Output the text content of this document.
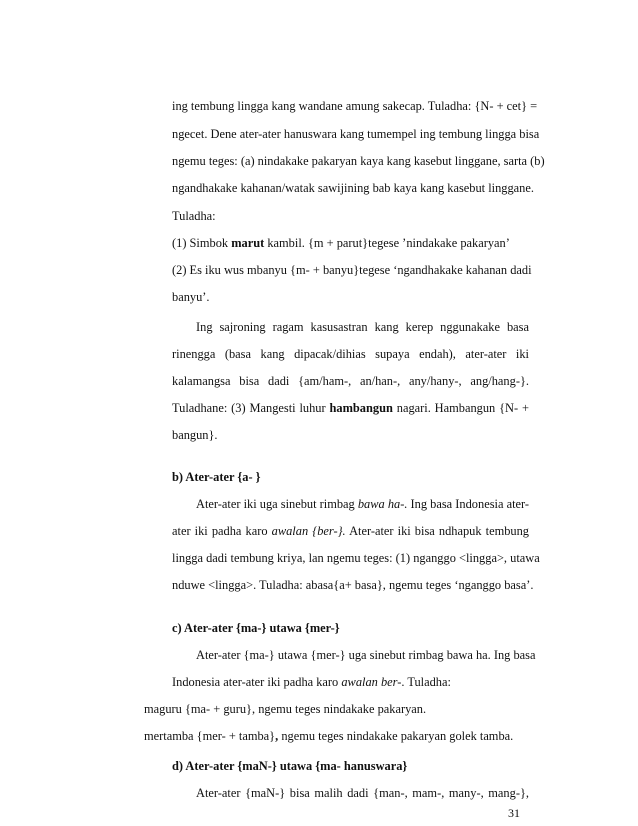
ing tembung lingga kang wandane amung sakecap. Tuladha: {N- + cet} =
ngecet. Dene ater-ater hanuswara kang tumempel ing tembung lingga bisa
ngemu teges: (a) nindakake pakaryan kaya kang kasebut linggane, sarta (b)
ngandhakake kahanan/watak sawijining bab kaya kang kasebut linggane.
Tuladha:
(1) Simbok marut kambil. {m + parut}tegese ’nindakake pakaryan’
(2) Es iku wus mbanyu {m- + banyu}tegese ‘ngandhakake kahanan dadi
banyu’.
Ing sajroning ragam kasusastran kang kerep nggunakake basa
rinengga (basa kang dipacak/dihias supaya endah), ater-ater iki
kalamangsa bisa dadi {am/ham-, an/han-, any/hany-, ang/hang-}.
Tuladhane: (3) Mangesti luhur hambangun nagari. Hambangun {N- +
bangun}.
b) Ater-ater {a- }
Ater-ater iki uga sinebut rimbag bawa ha-. Ing basa Indonesia ater-
ater iki padha karo awalan {ber-}. Ater-ater iki bisa ndhapuk tembung
lingga dadi tembung kriya, lan ngemu teges: (1) nganggo <lingga>, utawa
nduwe <lingga>. Tuladha: abasa{a+ basa}, ngemu teges ‘nganggo basa’.
c) Ater-ater {ma-} utawa {mer-}
Ater-ater {ma-} utawa {mer-} uga sinebut rimbag bawa ha. Ing basa
Indonesia ater-ater iki padha karo awalan ber-. Tuladha:
31
maguru {ma- + guru}, ngemu teges nindakake pakaryan.
mertamba {mer- + tamba}, ngemu teges nindakake pakaryan golek tamba.
d) Ater-ater {maN-} utawa {ma- hanuswara}
Ater-ater {maN-} bisa malih dadi {man-, mam-, many-, mang-},
